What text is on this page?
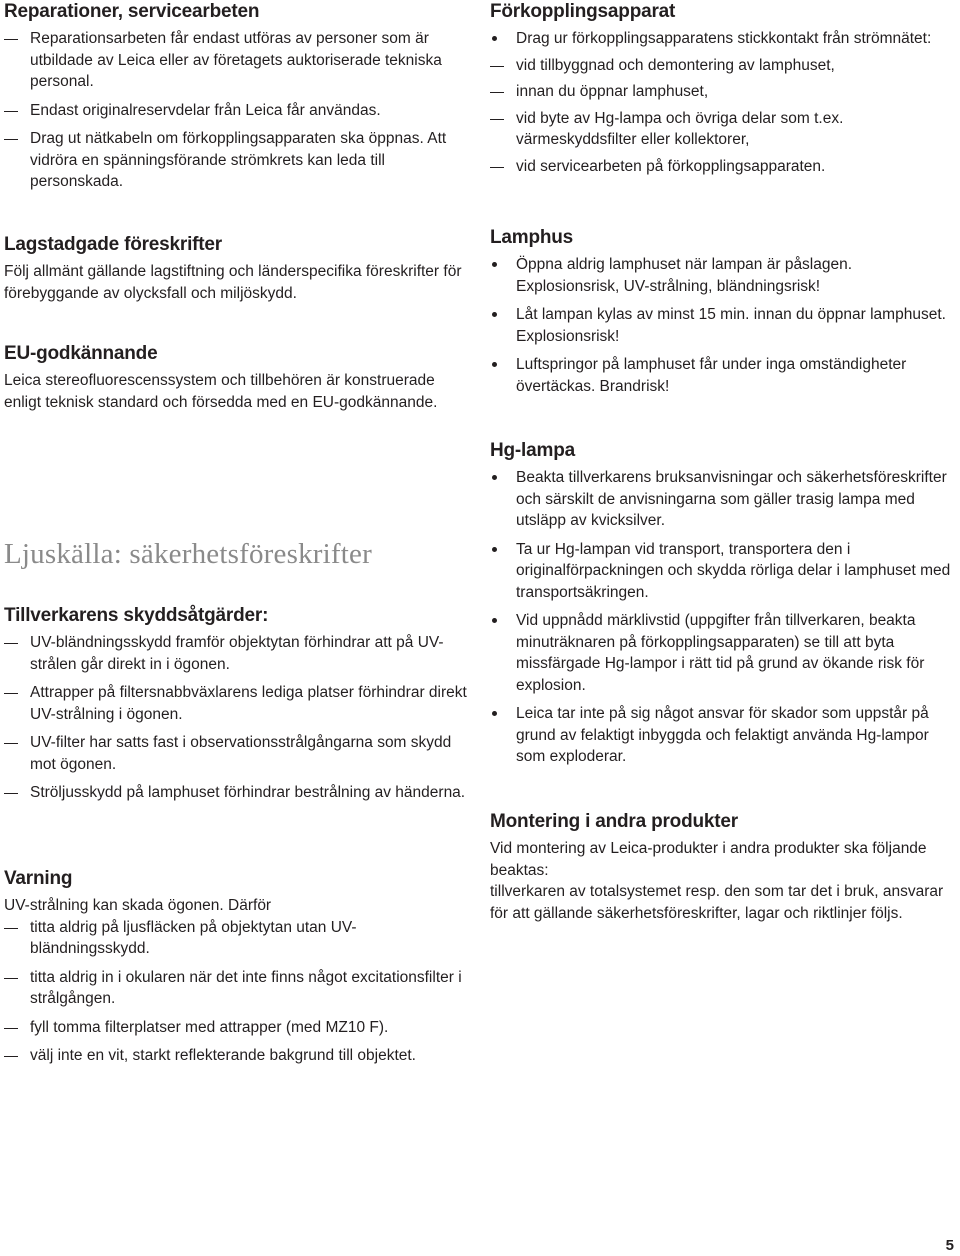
Reparationer, servicearbeten
Reparationsarbeten får endast utföras av personer som är utbildade av Leica eller av företagets auktoriserade tekniska personal.
Endast originalreservdelar från Leica får användas.
Drag ut nätkabeln om förkopplingsapparaten ska öppnas. Att vidröra en spänningsförande strömkrets kan leda till personskada.
Lagstadgade föreskrifter

Följ allmänt gällande lagstiftning och länderspecifika föreskrifter för förebyggande av olycksfall och miljöskydd.

EU-godkännande

Leica stereofluorescenssystem och tillbehören är konstruerade enligt teknisk standard och försedda med en EU-godkännande.

Ljuskälla: säkerhetsföreskrifter
Tillverkarens skyddsåtgärder:
UV-bländningsskydd framför objektytan förhindrar att på UV-strålen går direkt in i ögonen.
Attrapper på filtersnabbväxlarens lediga platser förhindrar direkt UV-strålning i ögonen.
UV-filter har satts fast i observationsstrålgångarna som skydd mot ögonen.
Ströljusskydd på lamphuset förhindrar bestrålning av händerna.
Varning

UV-strålning kan skada ögonen. Därför

titta aldrig på ljusfläcken på objektytan utan UV-bländningsskydd.
titta aldrig in i okularen när det inte finns något excitationsfilter i strålgången.
fyll tomma filterplatser med attrapper (med MZ10 F).
välj inte en vit, starkt reflekterande bakgrund till objektet.
Förkopplingsapparat
Drag ur förkopplingsapparatens stickkontakt från strömnätet:
vid tillbyggnad och demontering av lamphuset,
innan du öppnar lamphuset,
vid byte av Hg-lampa och övriga delar som t.ex. värmeskyddsfilter eller kollektorer,
vid servicearbeten på förkopplingsapparaten.
Lamphus
Öppna aldrig lamphuset när lampan är påslagen. Explosionsrisk, UV-strålning, bländningsrisk!
Låt lampan kylas av minst 15 min. innan du öppnar lamphuset. Explosionsrisk!
Luftspringor på lamphuset får under inga omständigheter övertäckas. Brandrisk!
Hg-lampa
Beakta tillverkarens bruksanvisningar och säkerhetsföreskrifter och särskilt de anvisningarna som gäller trasig lampa med utsläpp av kvicksilver.
Ta ur Hg-lampan vid transport, transportera den i originalförpackningen och skydda rörliga delar i lamphuset med transportsäkringen.
Vid uppnådd märklivstid (uppgifter från tillverkaren, beakta minuträknaren på förkopplingsapparaten) se till att byta missfärgade Hg-lampor i rätt tid på grund av ökande risk för explosion.
Leica tar inte på sig något ansvar för skador som uppstår på grund av felaktigt inbyggda och felaktigt använda Hg-lampor som exploderar.
Montering i andra produkter

Vid montering av Leica-produkter i andra produkter ska följande beaktas:

tillverkaren av totalsystemet resp. den som tar det i bruk, ansvarar för att gällande säkerhetsföreskrifter, lagar och riktlinjer följs.

5
